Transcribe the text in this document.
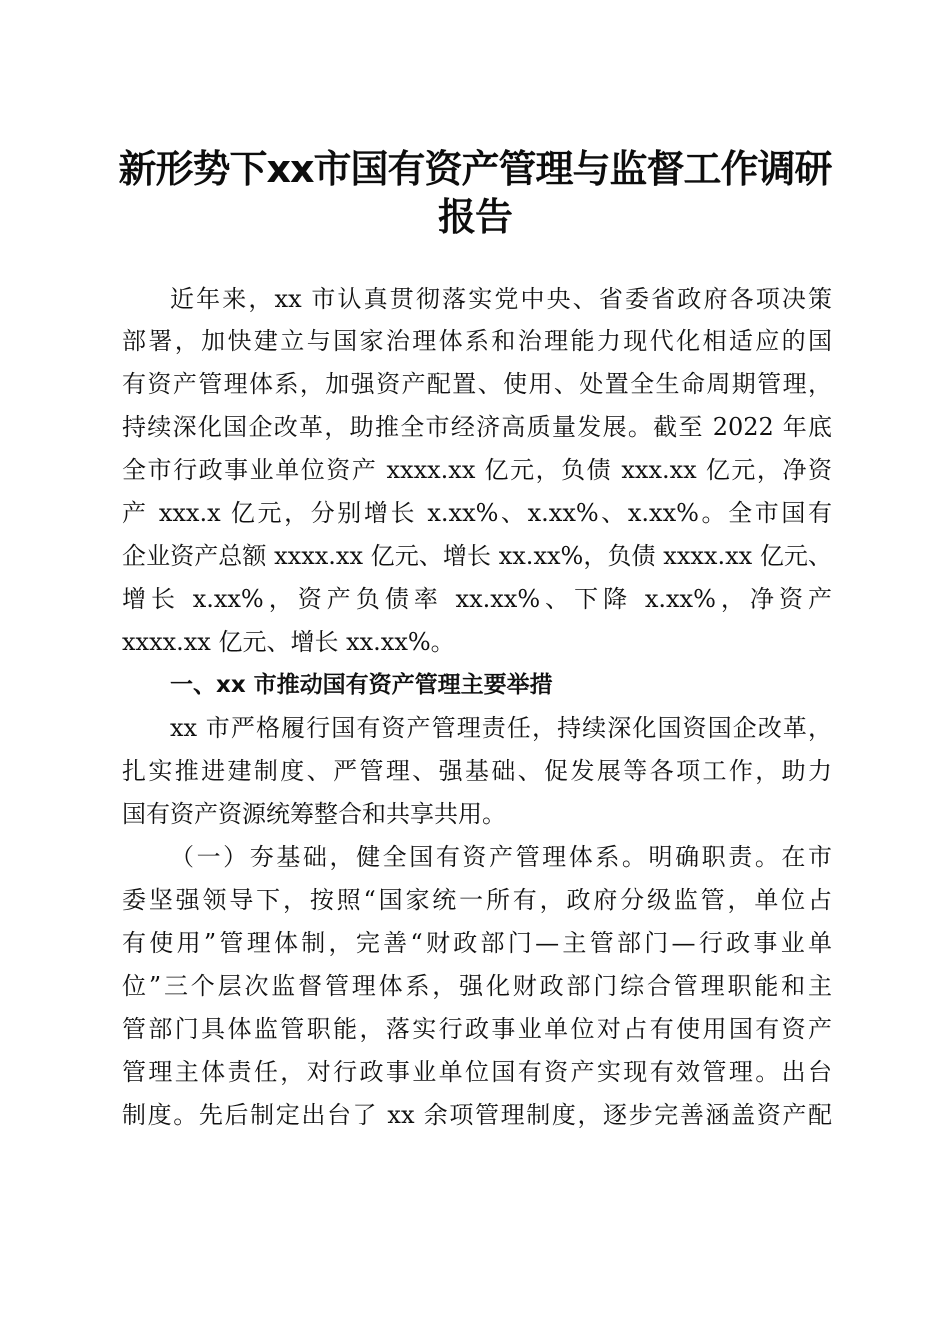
新形势下xx市国有资产管理与监督工作调研
报告
近年来，xx 市认真贯彻落实党中央、省委省政府各项决策
部署，加快建立与国家治理体系和治理能力现代化相适应的国
有资产管理体系，加强资产配置、使用、处置全生命周期管理，
持续深化国企改革，助推全市经济高质量发展。截至 2022 年底
全市行政事业单位资产 xxxx.xx 亿元，负债 xxx.xx 亿元，净资
产 xxx.x 亿元，分别增长 x.xx%、x.xx%、x.xx%。全市国有
企业资产总额 xxxx.xx 亿元、增长 xx.xx%，负债 xxxx.xx 亿元、
增长 x.xx%，资产负债率 xx.xx%、下降 x.xx%，净资产
xxxx.xx 亿元、增长 xx.xx%。
一、xx 市推动国有资产管理主要举措
xx 市严格履行国有资产管理责任，持续深化国资国企改革，
扎实推进建制度、严管理、强基础、促发展等各项工作，助力
国有资产资源统筹整合和共享共用。
（一）夯基础，健全国有资产管理体系。明确职责。在市
委坚强领导下，按照“国家统一所有，政府分级监管，单位占
有使用”管理体制，完善“财政部门—主管部门—行政事业单
位”三个层次监督管理体系，强化财政部门综合管理职能和主
管部门具体监管职能，落实行政事业单位对占有使用国有资产
管理主体责任，对行政事业单位国有资产实现有效管理。出台
制度。先后制定出台了 xx 余项管理制度，逐步完善涵盖资产配
